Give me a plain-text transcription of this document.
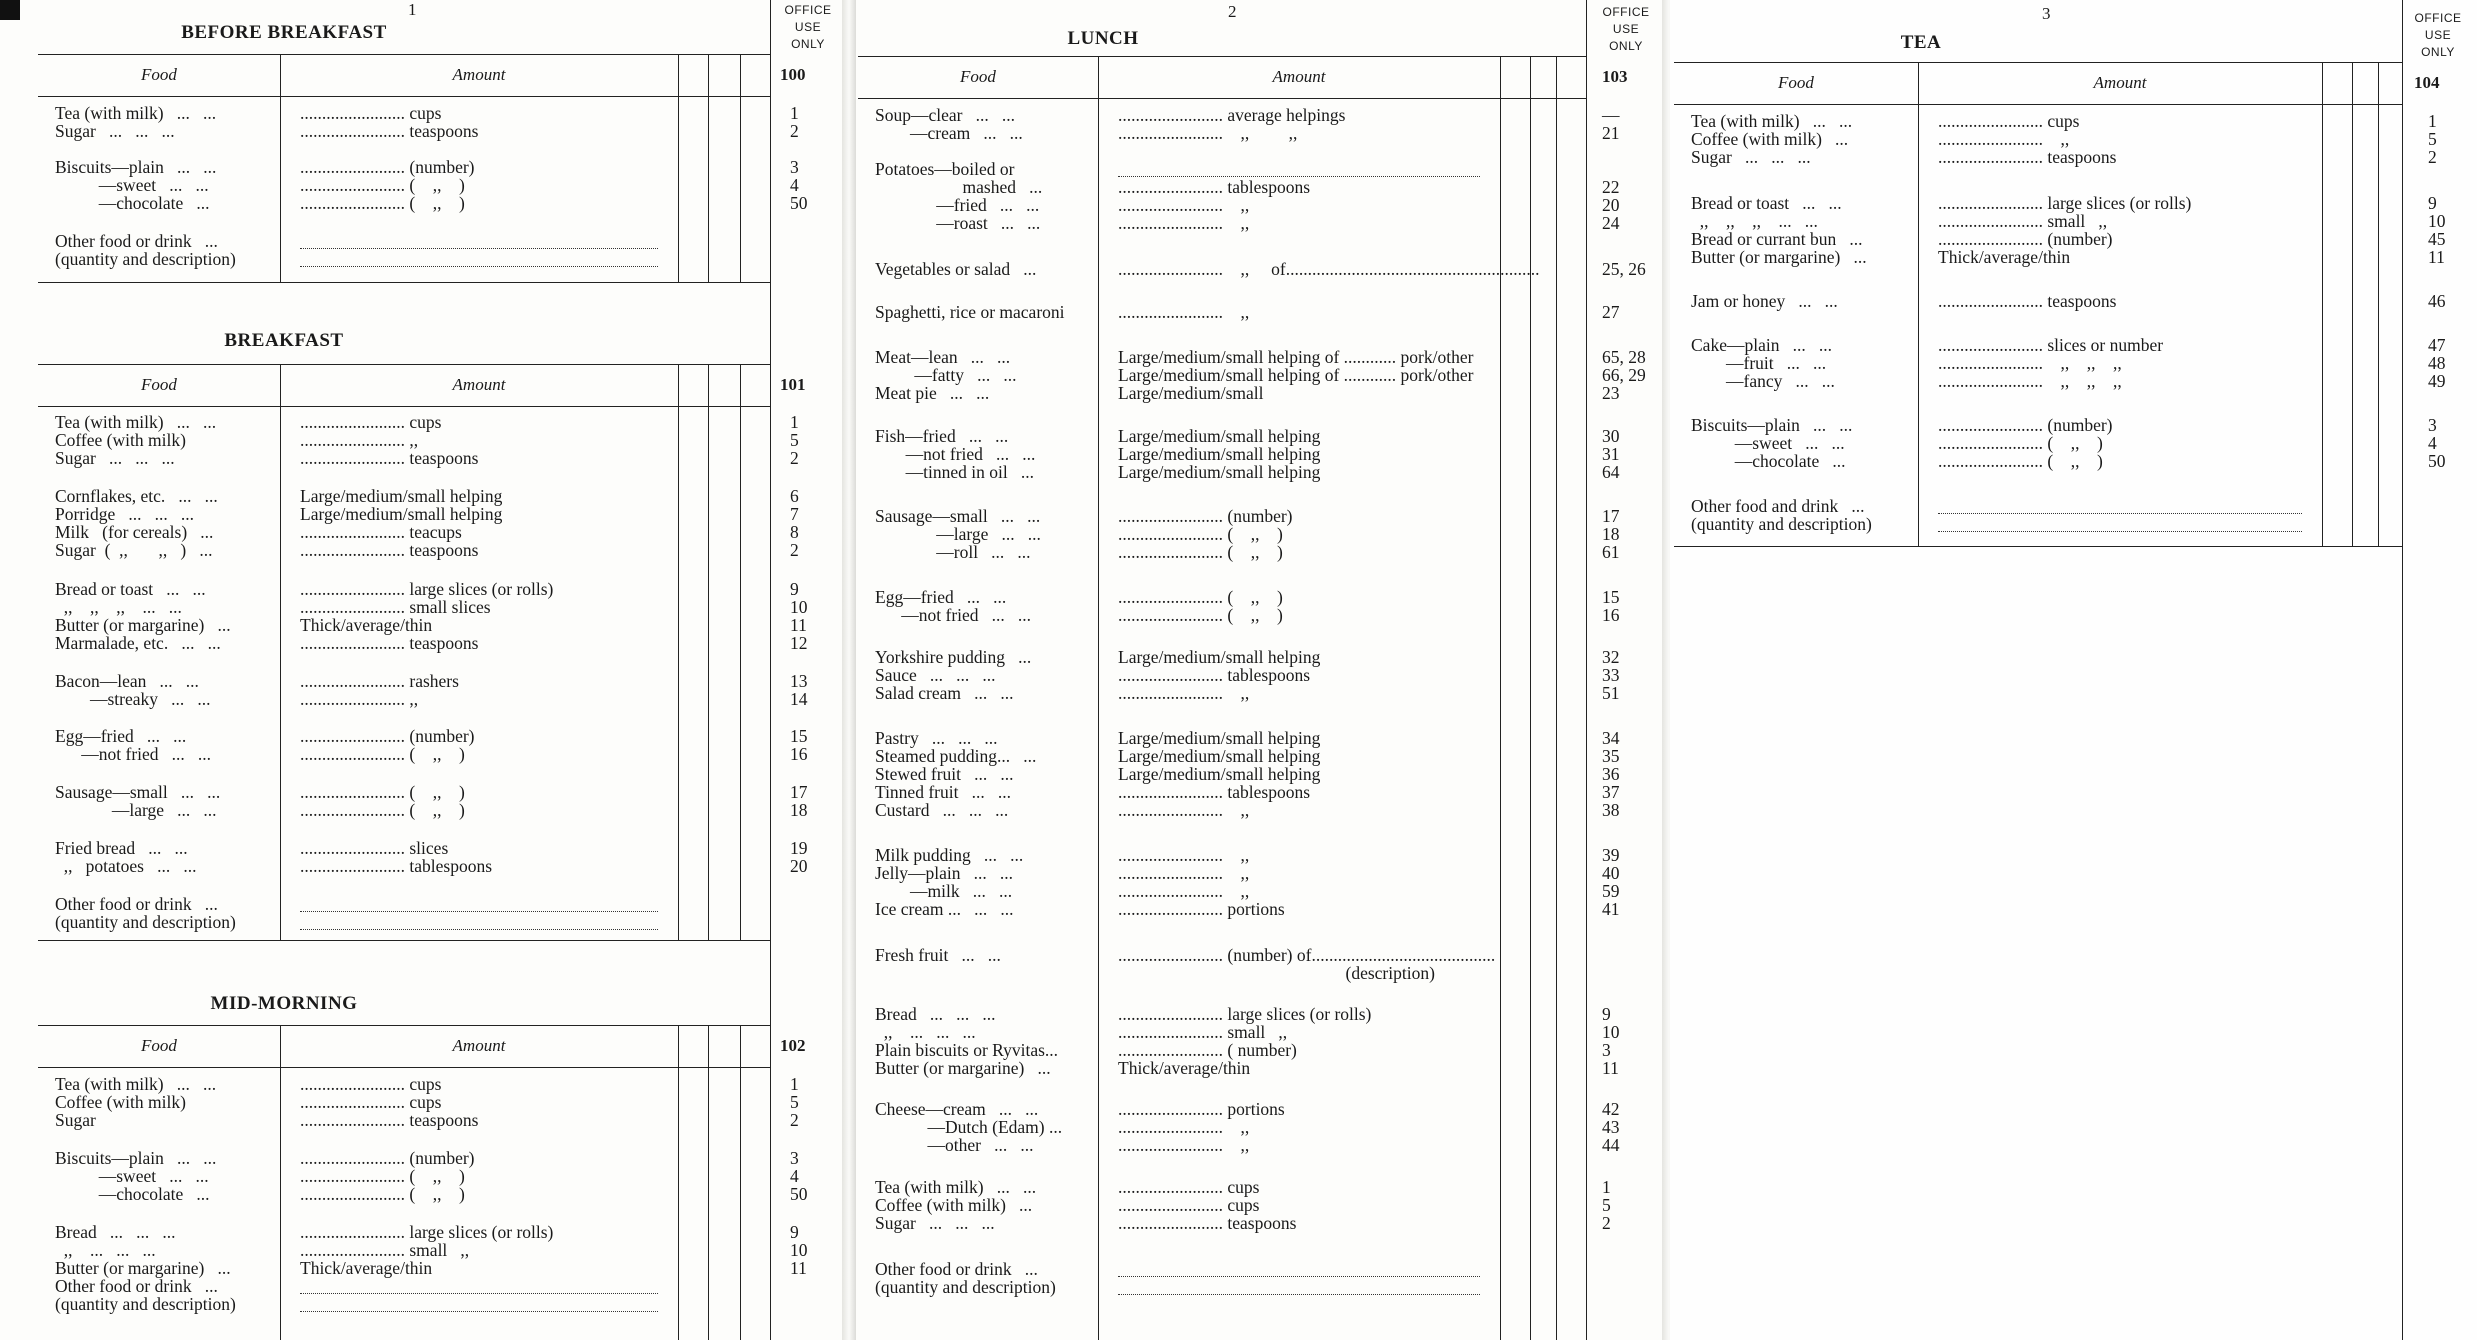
1	OFFICE
USE
ONLY
BEFORE BREAKFAST
Food	Amount	100
Tea (with milk)   ...   ...	........................ cups	1
Sugar   ...   ...   ...	........................ teaspoons	2
Biscuits—plain   ...   ...	........................ (number)	3
—sweet   ...   ...	........................ (    ,,    )	4
—chocolate   ...	........................ (    ,,    )	50
Other food or drink   ...
(quantity and description)
BREAKFAST
Food	Amount	101
Tea (with milk)   ...   ...	........................ cups	1
Coffee (with milk)	........................ ,,	5
Sugar   ...   ...   ...	........................ teaspoons	2
Cornflakes, etc.   ...   ...	Large/medium/small helping	6
Porridge   ...   ...   ...	Large/medium/small helping	7
Milk   (for cereals)   ...	........................ teacups	8
Sugar  (  ,,       ,,   )   ...	........................ teaspoons	2
Bread or toast   ...   ...	........................ large slices (or rolls)	9
,,    ,,    ,,    ...   ...	........................ small slices	10
Butter (or margarine)   ...	Thick/average/thin	11
Marmalade, etc.   ...   ...	........................ teaspoons	12
Bacon—lean   ...   ...	........................ rashers	13
—streaky   ...   ...	........................ ,,	14
Egg—fried   ...   ...	........................ (number)	15
—not fried   ...   ...	........................ (    ,,    )	16
Sausage—small   ...   ...	........................ (    ,,    )	17
—large   ...   ...	........................ (    ,,    )	18
Fried bread   ...   ...	........................ slices	19
,,   potatoes   ...   ...	........................ tablespoons	20
Other food or drink   ...
(quantity and description)
MID-MORNING
Food	Amount	102
Tea (with milk)   ...   ...	........................ cups	1
Coffee (with milk)	........................ cups	5
Sugar	........................ teaspoons	2
Biscuits—plain   ...   ...	........................ (number)	3
—sweet   ...   ...	........................ (    ,,    )	4
—chocolate   ...	........................ (    ,,    )	50
Bread   ...   ...   ...	........................ large slices (or rolls)	9
,,    ...   ...   ...	........................ small   ,,	10
Butter (or margarine)   ...	Thick/average/thin	11
Other food or drink   ...
(quantity and description)
2	OFFICE
USE
ONLY
LUNCH
Food	Amount	103
Soup—clear   ...   ...	........................ average helpings	—
—cream   ...   ...	........................    ,,         ,,	21
Potatoes—boiled or
mashed   ...	........................ tablespoons	22
—fried   ...   ...	........................    ,,	20
—roast   ...   ...	........................    ,,	24
Vegetables or salad   ...	........................    ,,     of..........................................................	25, 26
Spaghetti, rice or macaroni	........................    ,,	27
Meat—lean   ...   ...	Large/medium/small helping of ............ pork/other	65, 28
—fatty   ...   ...	Large/medium/small helping of ............ pork/other	66, 29
Meat pie   ...   ...	Large/medium/small	23
Fish—fried   ...   ...	Large/medium/small helping	30
—not fried   ...   ...	Large/medium/small helping	31
—tinned in oil   ...	Large/medium/small helping	64
Sausage—small   ...   ...	........................ (number)	17
—large   ...   ...	........................ (    ,,    )	18
—roll   ...   ...	........................ (    ,,    )	61
Egg—fried   ...   ...	........................ (    ,,    )	15
—not fried   ...   ...	........................ (    ,,    )	16
Yorkshire pudding   ...	Large/medium/small helping	32
Sauce   ...   ...   ...	........................ tablespoons	33
Salad cream   ...   ...	........................    ,,	51
Pastry   ...   ...   ...	Large/medium/small helping	34
Steamed pudding...   ...	Large/medium/small helping	35
Stewed fruit   ...   ...	Large/medium/small helping	36
Tinned fruit   ...   ...	........................ tablespoons	37
Custard   ...   ...   ...	........................    ,,	38
Milk pudding   ...   ...	........................    ,,	39
Jelly—plain   ...   ...	........................    ,,	40
—milk   ...   ...	........................    ,,	59
Ice cream ...   ...   ...	........................ portions	41
Fresh fruit   ...   ...	........................ (number) of..........................................
(description)
Bread   ...   ...   ...	........................ large slices (or rolls)	9
,,    ...   ...   ...	........................ small   ,,	10
Plain biscuits or Ryvitas...	........................ ( number)	3
Butter (or margarine)   ...	Thick/average/thin	11
Cheese—cream   ...   ...	........................ portions	42
—Dutch (Edam) ...	........................    ,,	43
—other   ...   ...	........................    ,,	44
Tea (with milk)   ...   ...	........................ cups	1
Coffee (with milk)   ...	........................ cups	5
Sugar   ...   ...   ...	........................ teaspoons	2
Other food or drink   ...
(quantity and description)
3	OFFICE
USE
ONLY
TEA
Food	Amount	104
Tea (with milk)   ...   ...	........................ cups	1
Coffee (with milk)   ...	........................    ,,	5
Sugar   ...   ...   ...	........................ teaspoons	2
Bread or toast   ...   ...	........................ large slices (or rolls)	9
,,    ,,    ,,    ...   ...	........................ small   ,,	10
Bread or currant bun   ...	........................ (number)	45
Butter (or margarine)   ...	Thick/average/thin	11
Jam or honey   ...   ...	........................ teaspoons	46
Cake—plain   ...   ...	........................ slices or number	47
—fruit   ...   ...	........................    ,,    ,,    ,,	48
—fancy   ...   ...	........................    ,,    ,,    ,,	49
Biscuits—plain   ...   ...	........................ (number)	3
—sweet   ...   ...	........................ (    ,,    )	4
—chocolate   ...	........................ (    ,,    )	50
Other food and drink   ...
(quantity and description)
